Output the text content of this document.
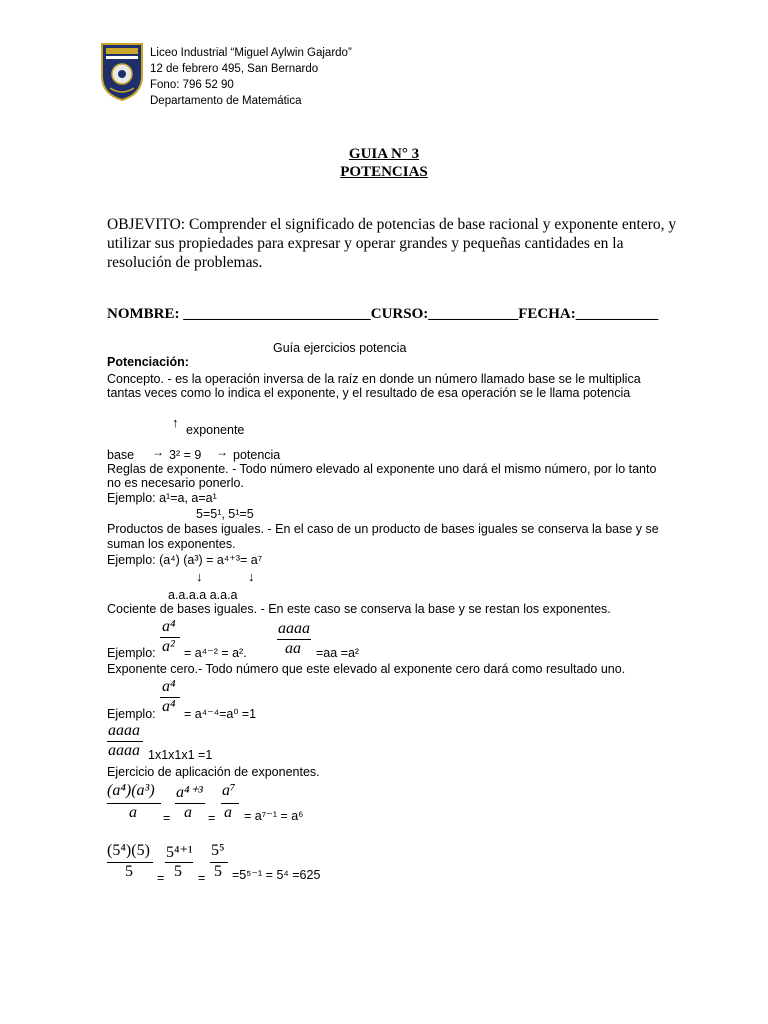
Liceo Industrial “Miguel Aylwin Gajardo”
12 de febrero 495, San Bernardo
Fono: 796 52 90
Departamento de Matemática
GUIA N° 3
POTENCIAS
OBJEVITO: Comprender el significado de potencias de base racional y exponente entero, y
utilizar sus propiedades para expresar y operar grandes y pequeñas cantidades en la
resolución de problemas.
NOMBRE: _________________________CURSO:____________FECHA:___________
Guía ejercicios potencia
Potenciación:
Concepto. - es la operación inversa de la raíz en donde un número llamado base se le multiplica
tantas veces como lo indica el exponente, y el resultado de esa operación se le llama potencia
↑ exponente
base → 3² = 9 → potencia
Reglas de exponente. - Todo número elevado al exponente uno dará el mismo número, por lo tanto
no es necesario ponerlo.
Ejemplo: a¹=a, a=a¹
5=5¹, 5¹=5
Productos de bases iguales. - En el caso de un producto de bases iguales se conserva la base y se
suman los exponentes.
Ejemplo: (a⁴) (a³) = a⁴⁺³= a⁷
↓	↓
a.a.a.a a.a.a
Cociente de bases iguales. - En este caso se conserva la base y se restan los exponentes.
a⁴
a²
Ejemplo: = a⁴⁻² = a².
aaaa
aa =aa =a²
Exponente cero.- Todo número que este elevado al exponente cero dará como resultado uno.
a⁴
a⁴
Ejemplo: = a⁴⁻⁴=a⁰ =1
aaaa
aaaa 1x1x1x1 =1
Ejercicio de aplicación de exponentes.
(a⁴)(a³)
a =
a⁴⁺³
a =
a⁷
a = a⁷⁻¹ = a⁶
(5⁴)(5)
5 =
5⁴⁺¹
5 =
5⁵
5 =5⁵⁻¹ = 5⁴ =625
